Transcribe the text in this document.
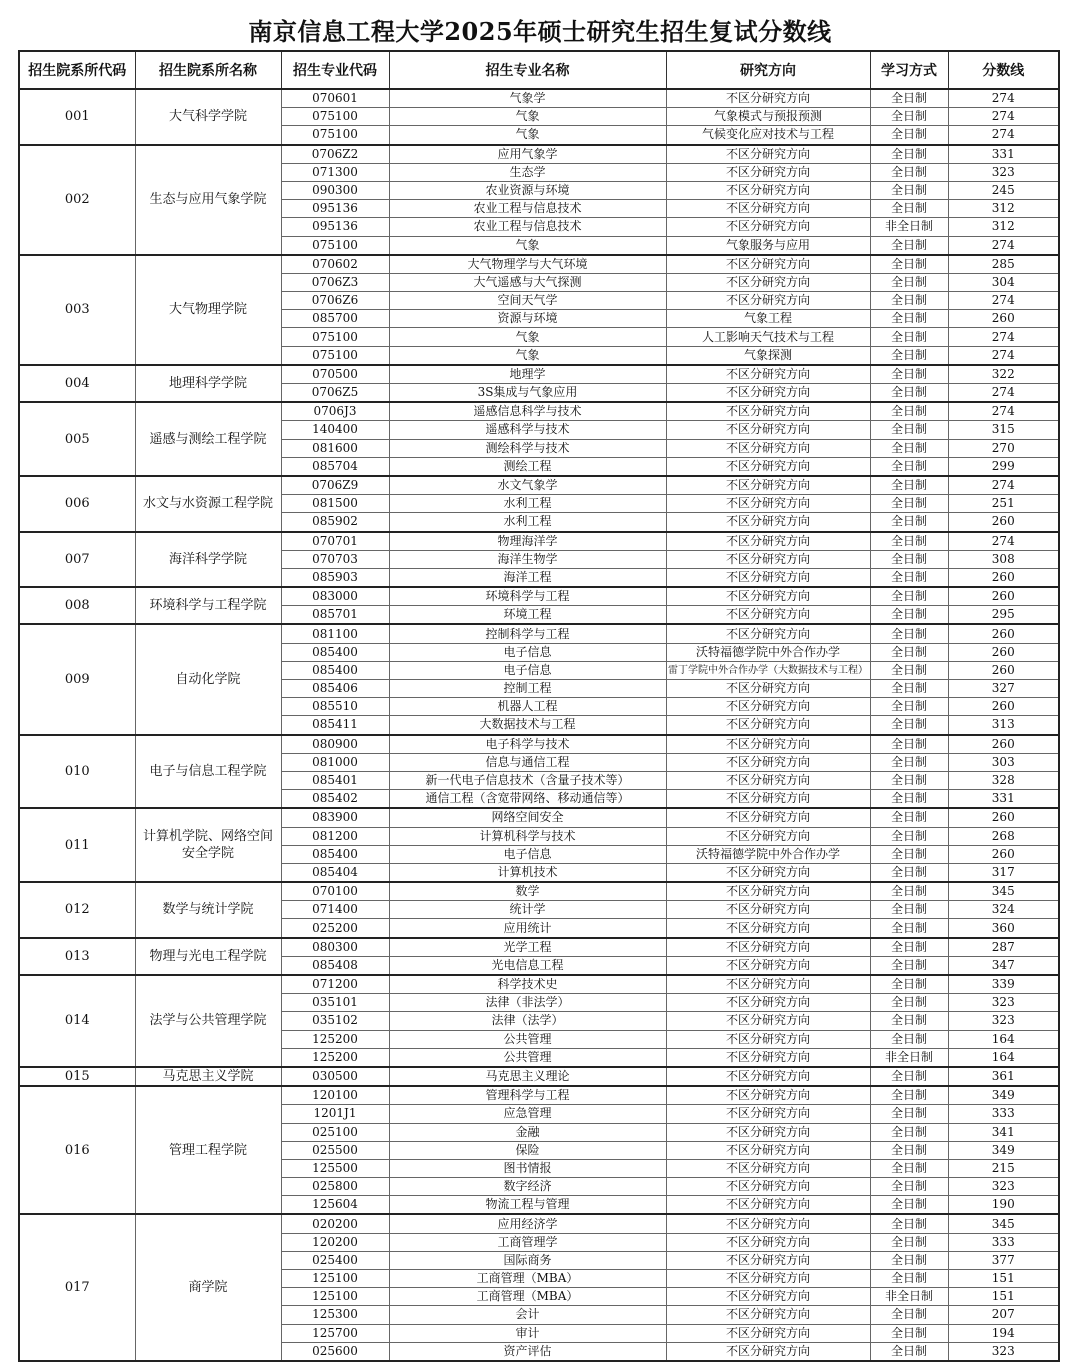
南京信息工程大学2025年硕士研究生招生复试分数线
招生院系所代码	招生院系所名称	招生专业代码	招生专业名称	研究方向	学习方式	分数线
001	大气科学学院	070601	气象学	不区分研究方向	全日制	274
		075100	气象	气象模式与预报预测	全日制	274
		075100	气象	气候变化应对技术与工程	全日制	274
002	生态与应用气象学院	0706Z2	应用气象学	不区分研究方向	全日制	331
		071300	生态学	不区分研究方向	全日制	323
		090300	农业资源与环境	不区分研究方向	全日制	245
		095136	农业工程与信息技术	不区分研究方向	全日制	312
		095136	农业工程与信息技术	不区分研究方向	非全日制	312
		075100	气象	气象服务与应用	全日制	274
003	大气物理学院	070602	大气物理学与大气环境	不区分研究方向	全日制	285
		0706Z3	大气遥感与大气探测	不区分研究方向	全日制	304
		0706Z6	空间天气学	不区分研究方向	全日制	274
		085700	资源与环境	气象工程	全日制	260
		075100	气象	人工影响天气技术与工程	全日制	274
		075100	气象	气象探测	全日制	274
004	地理科学学院	070500	地理学	不区分研究方向	全日制	322
		0706Z5	3S集成与气象应用	不区分研究方向	全日制	274
005	遥感与测绘工程学院	0706J3	遥感信息科学与技术	不区分研究方向	全日制	274
		140400	遥感科学与技术	不区分研究方向	全日制	315
		081600	测绘科学与技术	不区分研究方向	全日制	270
		085704	测绘工程	不区分研究方向	全日制	299
006	水文与水资源工程学院	0706Z9	水文气象学	不区分研究方向	全日制	274
		081500	水利工程	不区分研究方向	全日制	251
		085902	水利工程	不区分研究方向	全日制	260
007	海洋科学学院	070701	物理海洋学	不区分研究方向	全日制	274
		070703	海洋生物学	不区分研究方向	全日制	308
		085903	海洋工程	不区分研究方向	全日制	260
008	环境科学与工程学院	083000	环境科学与工程	不区分研究方向	全日制	260
		085701	环境工程	不区分研究方向	全日制	295
009	自动化学院	081100	控制科学与工程	不区分研究方向	全日制	260
		085400	电子信息	沃特福德学院中外合作办学	全日制	260
		085400	电子信息	雷丁学院中外合作办学（大数据技术与工程）	全日制	260
		085406	控制工程	不区分研究方向	全日制	327
		085510	机器人工程	不区分研究方向	全日制	260
		085411	大数据技术与工程	不区分研究方向	全日制	313
010	电子与信息工程学院	080900	电子科学与技术	不区分研究方向	全日制	260
		081000	信息与通信工程	不区分研究方向	全日制	303
		085401	新一代电子信息技术（含量子技术等）	不区分研究方向	全日制	328
		085402	通信工程（含宽带网络、移动通信等）	不区分研究方向	全日制	331
011	计算机学院、网络空间安全学院	083900	网络空间安全	不区分研究方向	全日制	260
		081200	计算机科学与技术	不区分研究方向	全日制	268
		085400	电子信息	沃特福德学院中外合作办学	全日制	260
		085404	计算机技术	不区分研究方向	全日制	317
012	数学与统计学院	070100	数学	不区分研究方向	全日制	345
		071400	统计学	不区分研究方向	全日制	324
		025200	应用统计	不区分研究方向	全日制	360
013	物理与光电工程学院	080300	光学工程	不区分研究方向	全日制	287
		085408	光电信息工程	不区分研究方向	全日制	347
014	法学与公共管理学院	071200	科学技术史	不区分研究方向	全日制	339
		035101	法律（非法学）	不区分研究方向	全日制	323
		035102	法律（法学）	不区分研究方向	全日制	323
		125200	公共管理	不区分研究方向	全日制	164
		125200	公共管理	不区分研究方向	非全日制	164
015	马克思主义学院	030500	马克思主义理论	不区分研究方向	全日制	361
016	管理工程学院	120100	管理科学与工程	不区分研究方向	全日制	349
		1201J1	应急管理	不区分研究方向	全日制	333
		025100	金融	不区分研究方向	全日制	341
		025500	保险	不区分研究方向	全日制	349
		125500	图书情报	不区分研究方向	全日制	215
		025800	数字经济	不区分研究方向	全日制	323
		125604	物流工程与管理	不区分研究方向	全日制	190
017	商学院	020200	应用经济学	不区分研究方向	全日制	345
		120200	工商管理学	不区分研究方向	全日制	333
		025400	国际商务	不区分研究方向	全日制	377
		125100	工商管理（MBA）	不区分研究方向	全日制	151
		125100	工商管理（MBA）	不区分研究方向	非全日制	151
		125300	会计	不区分研究方向	全日制	207
		125700	审计	不区分研究方向	全日制	194
		025600	资产评估	不区分研究方向	全日制	323
